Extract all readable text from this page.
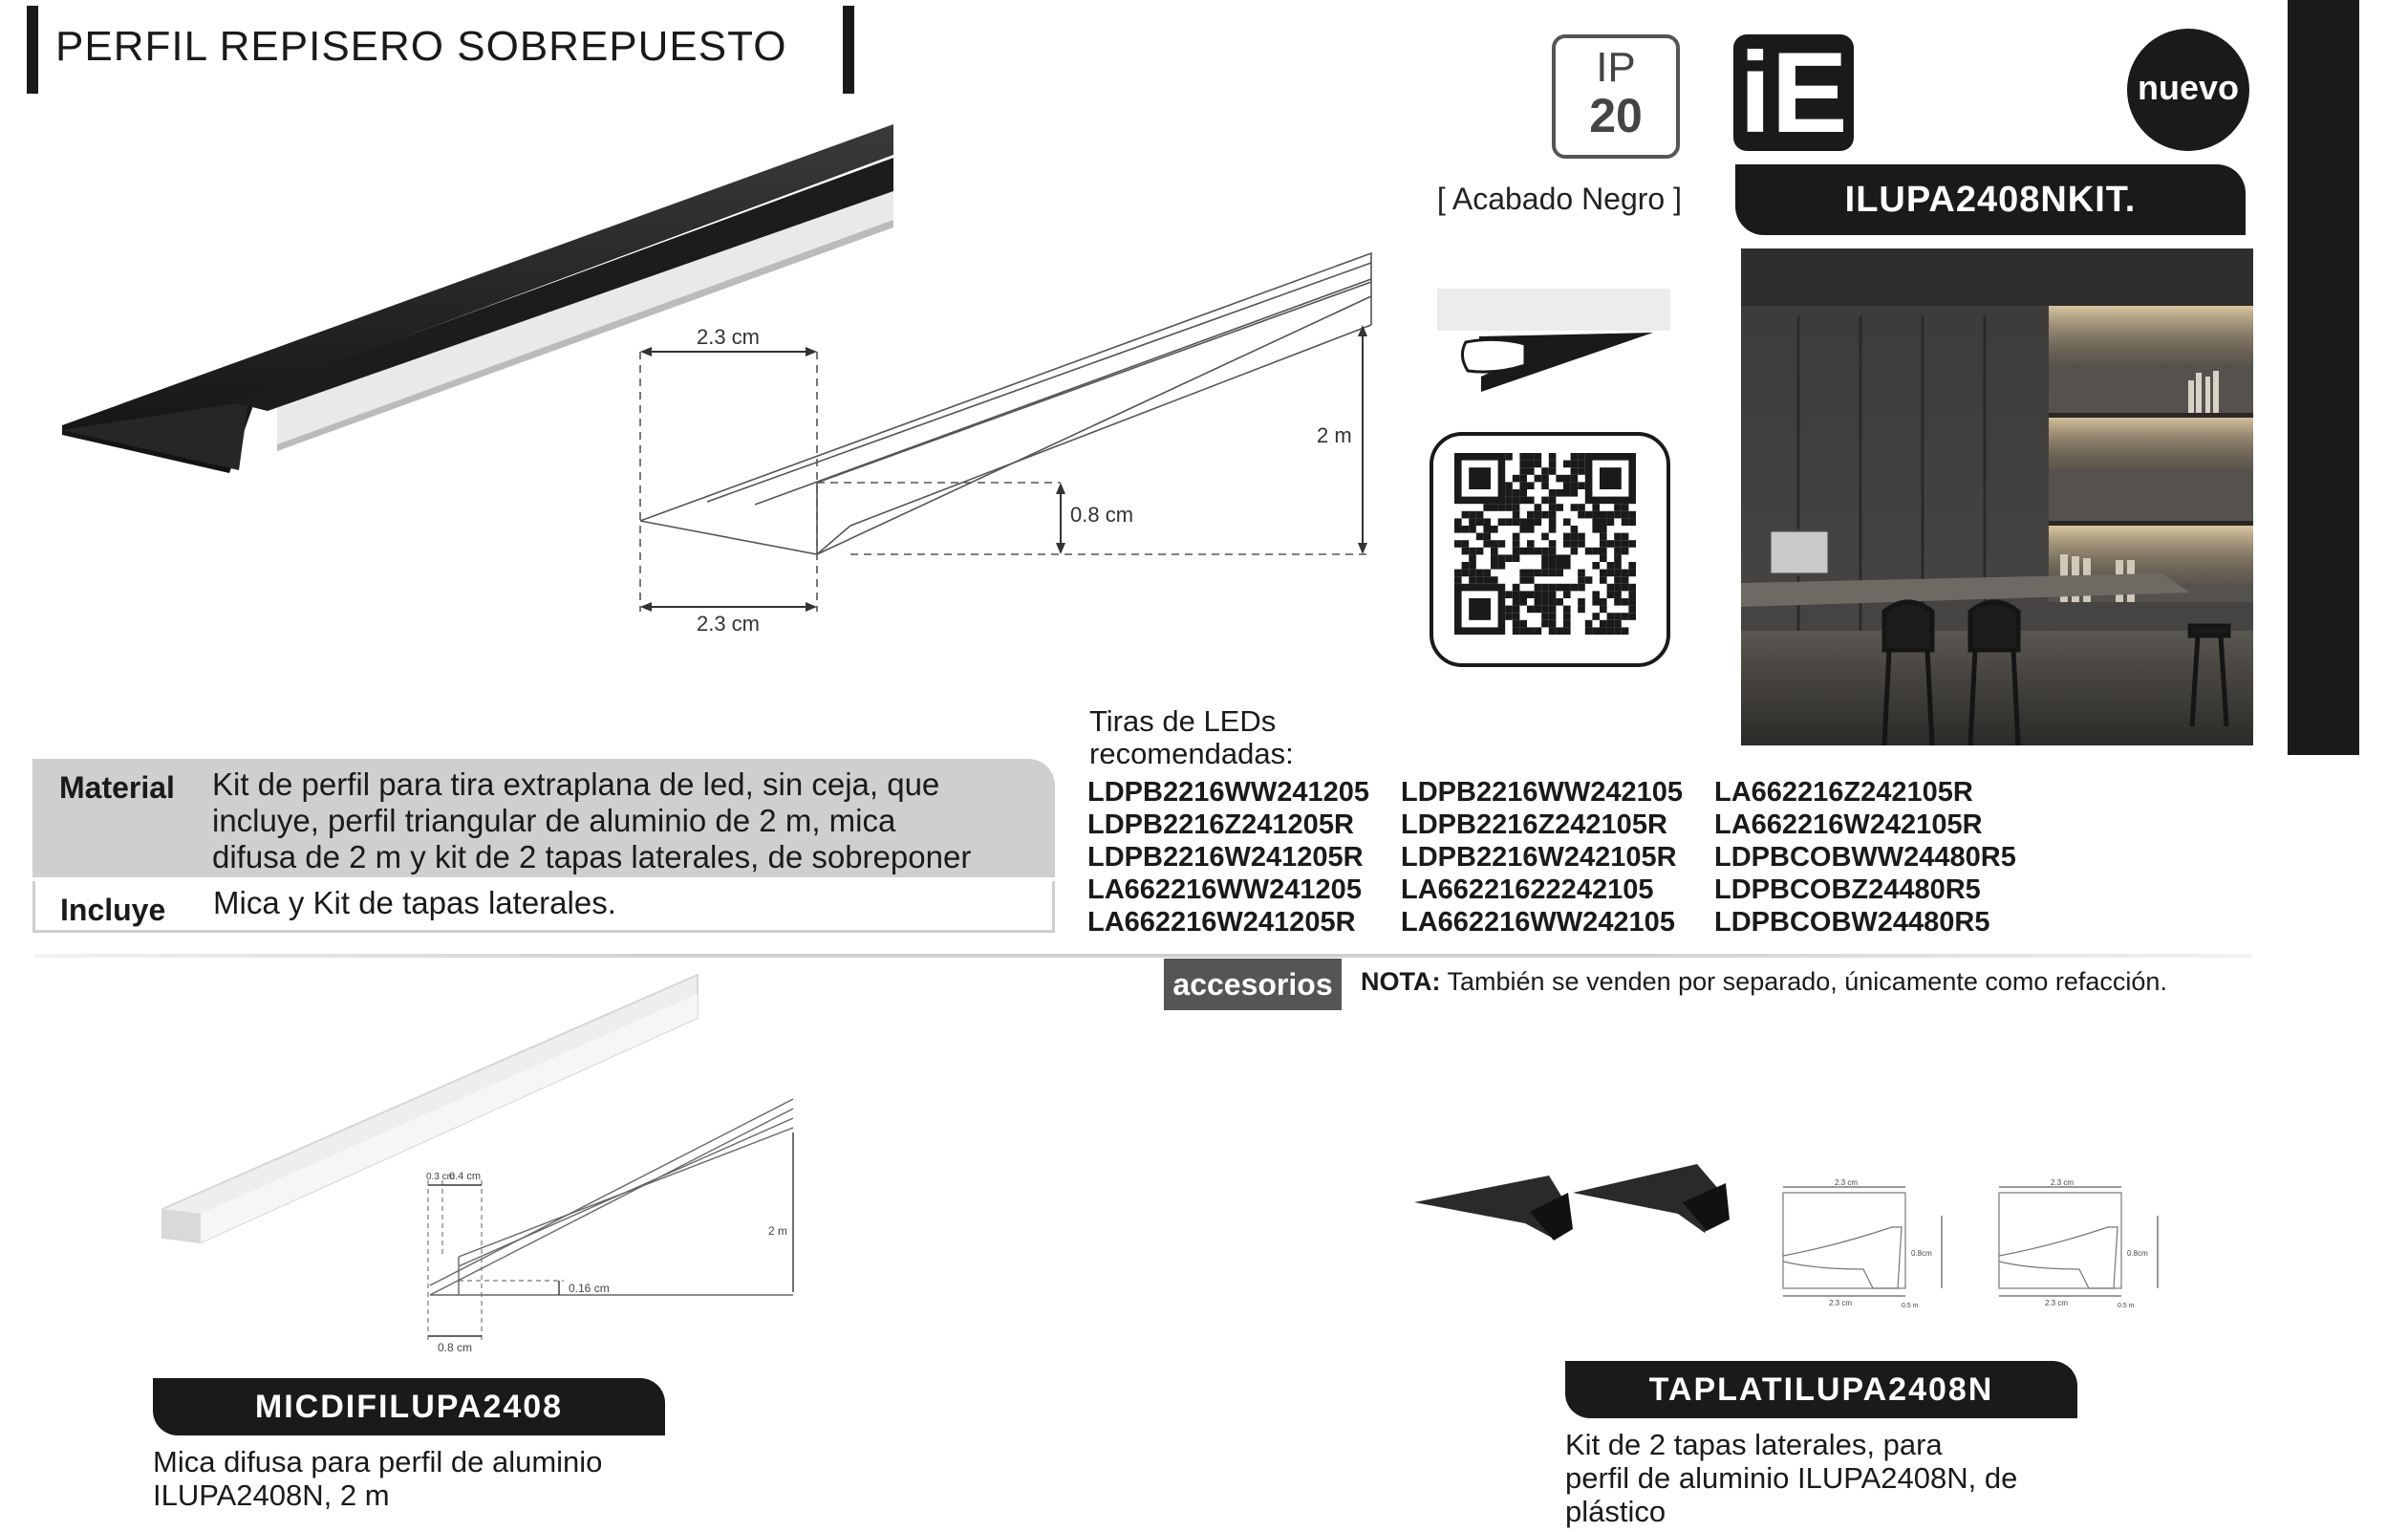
PERFIL REPISERO SOBREPUESTO
2.3 cm
2.3 cm
0.8 cm
2 m
IP
20
[ Acabado Negro ]
iE	nuevo
ILUPA2408NKIT.
ilumileds® / ilumileds.com.mx
Material Kit de perfil para tira extraplana de led, sin ceja, que
incluye, perfil triangular de aluminio de 2 m, mica
difusa de 2 m y kit de 2 tapas laterales, de sobreponer
Incluye Mica y Kit de tapas laterales.
Tiras de LEDs
recomendadas:
LDPB2216WW241205
LDPB2216Z241205R
LDPB2216W241205R
LA662216WW241205
LA662216W241205R
LDPB2216WW242105
LDPB2216Z242105R
LDPB2216W242105R
LA66221622242105
LA662216WW242105
LA662216Z242105R
LA662216W242105R
LDPBCOBWW24480R5
LDPBCOBZ24480R5
LDPBCOBW24480R5
accesorios	NOTA: También se venden por separado, únicamente como refacción.
0.3 cm
0.4 cm
0.16 cm
0.8 cm
2 m
MICDIFILUPA2408
Mica difusa para perfil de aluminio
ILUPA2408N, 2 m
2.3 cm
2.3 cm
0.8cm
0.5 m
2.3 cm
2.3 cm
0.8cm
0.5 m
TAPLATILUPA2408N
Kit de 2 tapas laterales, para
perfil de aluminio ILUPA2408N, de
plástico
